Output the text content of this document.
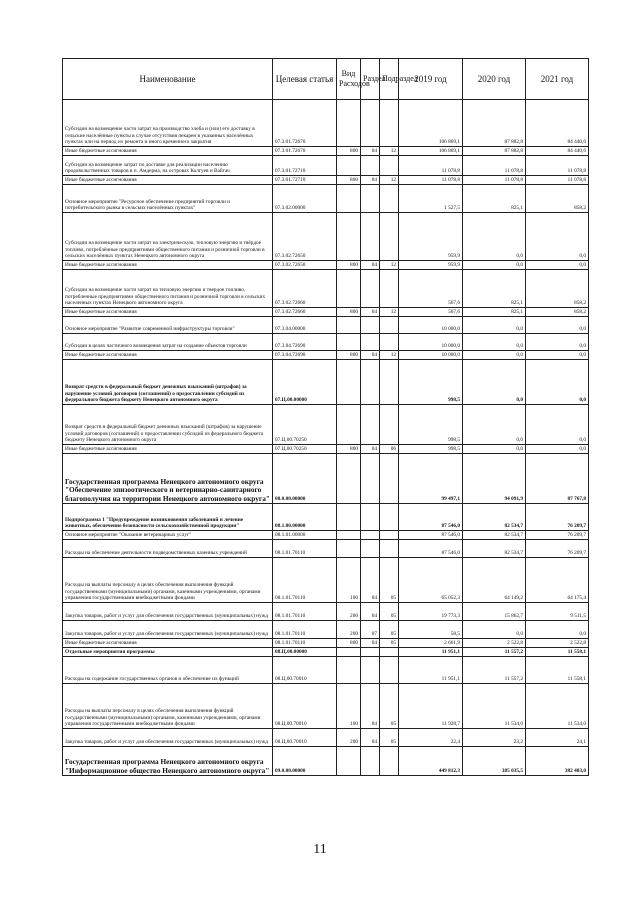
Наименование	Целевая статья	Вид Расходов	Раздел	Подраздел	2019 год	2020 год	2021 год
Субсидии на возмещение части затрат на производство хлеба и (или) его доставку в сельские населённые пункты в случае отсутствия пекарен в указанных населённых пунктах или на период их ремонта и иного временного закрытия	07.3.01.72670				106 869,1	87 882,8	84 440,6
Иные бюджетные ассигнования	07.3.01.72670	800	04	12	106 869,1	87 882,8	84 440,6
Субсидии на возмещение затрат по доставке для реализации населению продовольственных товаров в п. Амдерма, на островах Колгуев и Вайгач	07.3.01.72710				11 078,8	11 078,8	11 078,8
Иные бюджетные ассигнования	07.3.01.72710	800	04	12	11 078,8	11 078,8	11 078,8
Основное мероприятие "Ресурсное обеспечение предприятий торговли и потребительского рынка в сельских населённых пунктах"	07.3.02.00000				1 527,5	825,1	858,2
Субсидии на возмещение части затрат на электрическую, тепловую энергию и твёрдое топливо, потреблённые предприятиями общественного питания и розничной торговли в сельских населённых пунктах Ненецкого автономного округа	07.3.02.72650				959,9	0,0	0,0
Иные бюджетные ассигнования	07.3.02.72650	800	04	12	959,9	0,0	0,0
Субсидии на возмещение части затрат на тепловую энергию и твердое топливо, потребленные предприятиями общественного питания и розничной торговли в сельских населенных пунктах Ненецкого автономного округа	07.3.02.72660				567,6	825,1	858,2
Иные бюджетные ассигнования	07.3.02.72660	800	04	12	567,6	825,1	858,2
Основное мероприятие "Развитие современной инфраструктуры торговли"	07.3.04.00000				10 000,0	0,0	0,0
Субсидии в целях частичного возмещения затрат на создание объектов торговли	07.3.04.72690				10 000,0	0,0	0,0
Иные бюджетные ассигнования	07.3.04.72690	800	04	12	10 000,0	0,0	0,0
Возврат средств в федеральный бюджет денежных взысканий (штрафов) за нарушение условий договоров (соглашений) о предоставлении субсидий из федерального бюджета бюджету Ненецкого автономного округа	07.Ц.00.00000				998,5	0,0	0,0
Возврат средств в федеральный бюджет денежных взысканий (штрафов) за нарушение условий договоров (соглашений) о предоставлении субсидий из федерального бюджета бюджету Ненецкого автономного округа	07.Ц.00.70250				998,5	0,0	0,0
Иные бюджетные ассигнования	07.Ц.00.70250	800	04	06	998,5	0,0	0,0
Государственная программа Ненецкого автономного округа "Обеспечение эпизоотического и ветеринарно-санитарного благополучия на территории Ненецкого автономного округа"	08.0.00.00000				99 497,1	94 091,9	87 767,8
Подпрограмма 1 "Предупреждение возникновения заболеваний и лечение животных, обеспечение безопасности сельскохозяйственной продукции"	08.1.00.00000				87 546,0	82 534,7	76 209,7
Основное мероприятие "Оказание ветеринарных услуг"	08.1.01.00000				87 546,0	82 534,7	76 209,7
Расходы на обеспечение деятельности подведомственных казенных учреждений	08.1.01.70110				87 546,0	82 534,7	76 209,7
Расходы на выплаты персоналу в целях обеспечения выполнения функций государственными (муниципальными) органами, казенными учреждениями, органами управления государственными внебюджетными фондами	08.1.01.70110	100	04	05	65 052,3	64 149,2	64 175,4
Закупка товаров, работ и услуг для обеспечения государственных (муниципальных) нужд	08.1.01.70110	200	04	05	19 773,3	15 862,7	9 511,5
Закупка товаров, работ и услуг для обеспечения государственных (муниципальных) нужд	08.1.01.70110	200	07	05	58,5	0,0	0,0
Иные бюджетные ассигнования	08.1.01.70110	800	04	05	2 661,9	2 522,8	2 522,8
Отдельные мероприятия программы	08.Ц.00.00000				11 951,1	11 557,2	11 558,1
Расходы на содержание государственных органов и обеспечение их функций	08.Ц.00.70010				11 951,1	11 557,2	11 558,1
Расходы на выплаты персоналу в целях обеспечения выполнения функций государственными (муниципальными) органами, казенными учреждениями, органами управления государственными внебюджетными фондами	08.Ц.00.70010	100	04	05	11 928,7	11 534,0	11 534,0
Закупка товаров, работ и услуг для обеспечения государственных (муниципальных) нужд	08.Ц.00.70010	200	04	05	22,4	23,2	24,1
Государственная программа Ненецкого автономного округа "Информационное общество Ненецкого автономного округа"	09.0.00.00000				449 812,3	385 035,5	382 403,0
11
